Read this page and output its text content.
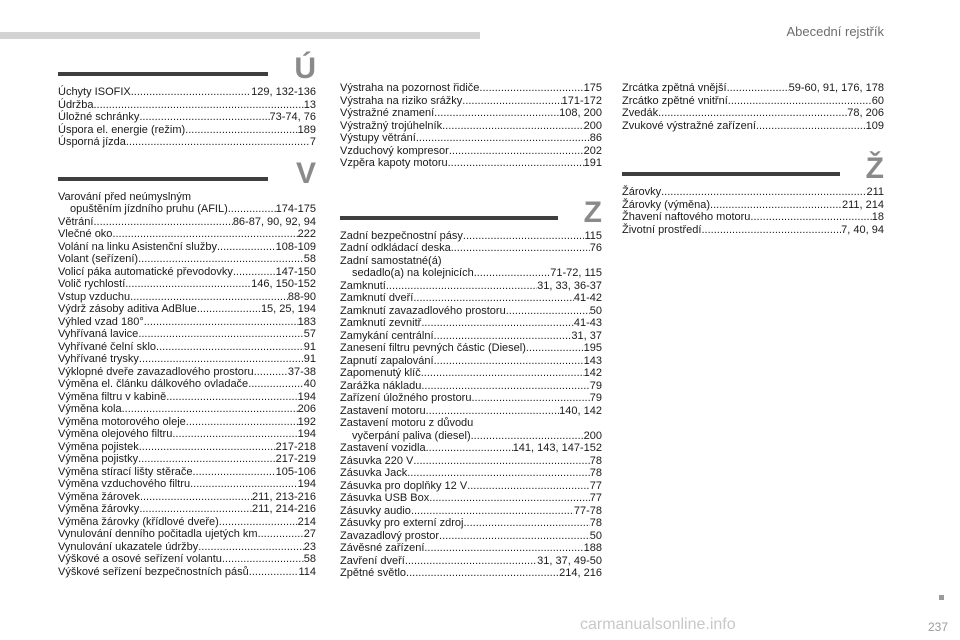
Abecední rejstřík
Ú
Úchyty ISOFIX .....	129, 132-136
Údržba .....	13
Úložné schránky .....	73-74, 76
Úspora el. energie (režim) .....	189
Úsporná jízda .....	7
V
Varování před neúmyslným
opuštěním jízdního pruhu (AFIL) .....	174-175
Větrání .....	86-87, 90, 92, 94
Vlečné oko .....	222
Volání na linku Asistenční služby .....	108-109
Volant (seřízení) .....	58
Volicí páka automatické převodovky .....	147-150
Volič rychlostí .....	146, 150-152
Vstup vzduchu .....	88-90
Výdrž zásoby aditiva AdBlue .....	15, 25, 194
Výhled vzad 180° .....	183
Vyhřívaná lavice .....	57
Vyhřívané čelní sklo .....	91
Vyhřívané trysky .....	91
Výklopné dveře zavazadlového prostoru .....	37-38
Výměna el. článku dálkového ovladače .....	40
Výměna filtru v kabině .....	194
Výměna kola .....	206
Výměna motorového oleje .....	192
Výměna olejového filtru .....	194
Výměna pojistek .....	217-218
Výměna pojistky .....	217-219
Výměna stírací lišty stěrače .....	105-106
Výměna vzduchového filtru .....	194
Výměna žárovek .....	211, 213-216
Výměna žárovky .....	211, 214-216
Výměna žárovky (křídlové dveře) .....	214
Vynulování denního počitadla ujetých km .....	27
Vynulování ukazatele údržby .....	23
Výškové a osové seřízení volantu .....	58
Výškové seřízení bezpečnostních pásů .....	114
Výstraha na pozornost řidiče .....	175
Výstraha na riziko srážky .....	171-172
Výstražné znamení .....	108, 200
Výstražný trojúhelník .....	200
Výstupy větrání .....	86
Vzduchový kompresor .....	202
Vzpěra kapoty motoru .....	191
Z
Zadní bezpečnostní pásy .....	115
Zadní odkládací deska .....	76
Zadní samostatné(á)
sedadlo(a) na kolejnicích .....	71-72, 115
Zamknutí .....	31, 33, 36-37
Zamknutí dveří .....	41-42
Zamknutí zavazadlového prostoru .....	50
Zamknutí zevnitř .....	41-43
Zamykání centrální .....	31, 37
Zanesení filtru pevných částic (Diesel) .....	195
Zapnutí zapalování .....	143
Zapomenutý klíč .....	142
Zarážka nákladu .....	79
Zařízení úložného prostoru .....	79
Zastavení motoru .....	140, 142
Zastavení motoru z důvodu
vyčerpání paliva (diesel) .....	200
Zastavení vozidla .....	141, 143, 147-152
Zásuvka 220 V .....	78
Zásuvka Jack .....	78
Zásuvka pro doplňky 12 V .....	77
Zásuvka USB Box .....	77
Zásuvky audio .....	77-78
Zásuvky pro externí zdroj .....	78
Zavazadlový prostor .....	50
Závěsné zařízení .....	188
Zavření dveří .....	31, 37, 49-50
Zpětné světlo .....	214, 216
Zrcátka zpětná vnější .....	59-60, 91, 176, 178
Zrcátko zpětné vnitřní .....	60
Zvedák .....	78, 206
Zvukové výstražné zařízení .....	109
Ž
Žárovky .....	211
Žárovky (výměna) .....	211, 214
Žhavení naftového motoru .....	18
Životní prostředí .....	7, 40, 94
carmanualsonline.info	237
